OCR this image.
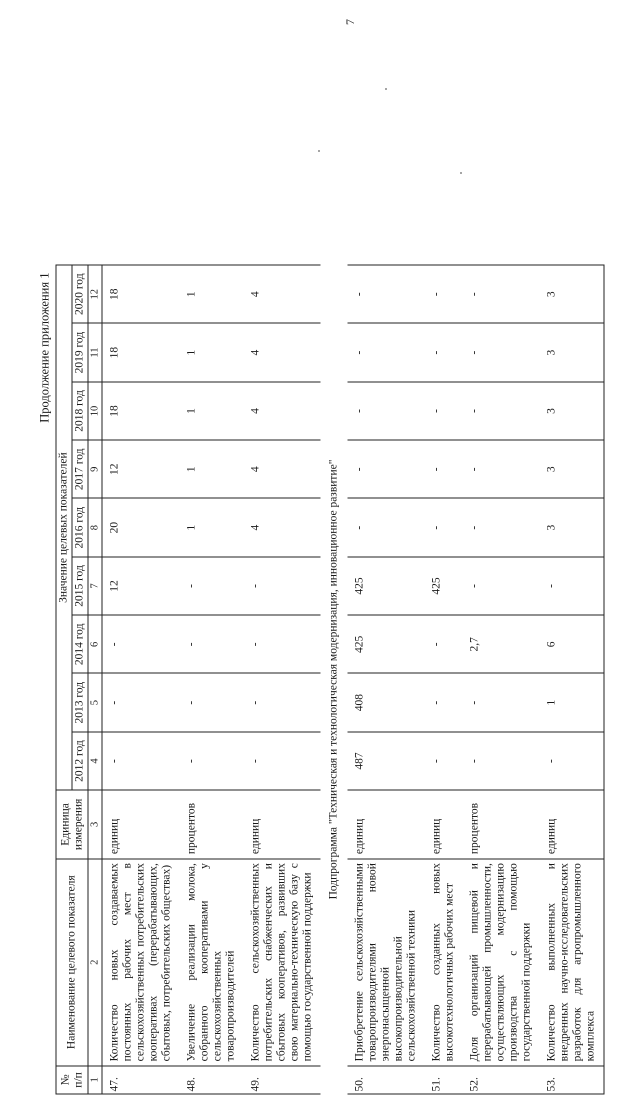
7
Продолжение приложения 1
№ п/п	Наименование целевого показателя	Единица измерения	Значение целевых показателей								
			2012 год	2013 год	2014 год	2015 год	2016 год	2017 год	2018 год	2019 год	2020 год
1	2	3	4	5	6	7	8	9	10	11	12
47.	Количество новых создаваемых постоянных рабочих мест в сельскохозяйственных потребительских кооперативах (перерабатывающих, сбытовых, потребительских обществах)	единиц	-	-	-	12	20	12	18	18	18
48.	Увеличение реализации молока, собранного кооперативами у сельскохозяйственных товаропроизводителей	процентов	-	-	-	-	1	1	1	1	1
49.	Количество сельскохозяйственных потребительских снабженческих и сбытовых кооперативов, развивших свою материально-техническую базу с помощью государственной поддержки	единиц	-	-	-	-	4	4	4	4	4
Подпрограмма "Техническая и технологическая модернизация, инновационное развитие"											
50.	Приобретение сельскохозяйственными товаропроизводителями новой энергонасыщенной высокопроизводительной сельскохозяйственной техники	единиц	487	408	425	425	-	-	-	-	-
51.	Количество созданных новых высокотехнологичных рабочих мест	единиц	-	-	-	425	-	-	-	-	-
52.	Доля организаций пищевой и перерабатывающей промышленности, осуществляющих модернизацию производства с помощью государственной поддержки	процентов	-	-	2,7	-	-	-	-	-	-
53.	Количество выполненных и внедренных научно-исследовательских разработок для агропромышленного комплекса	единиц	-	1	6	-	3	3	3	3	3
